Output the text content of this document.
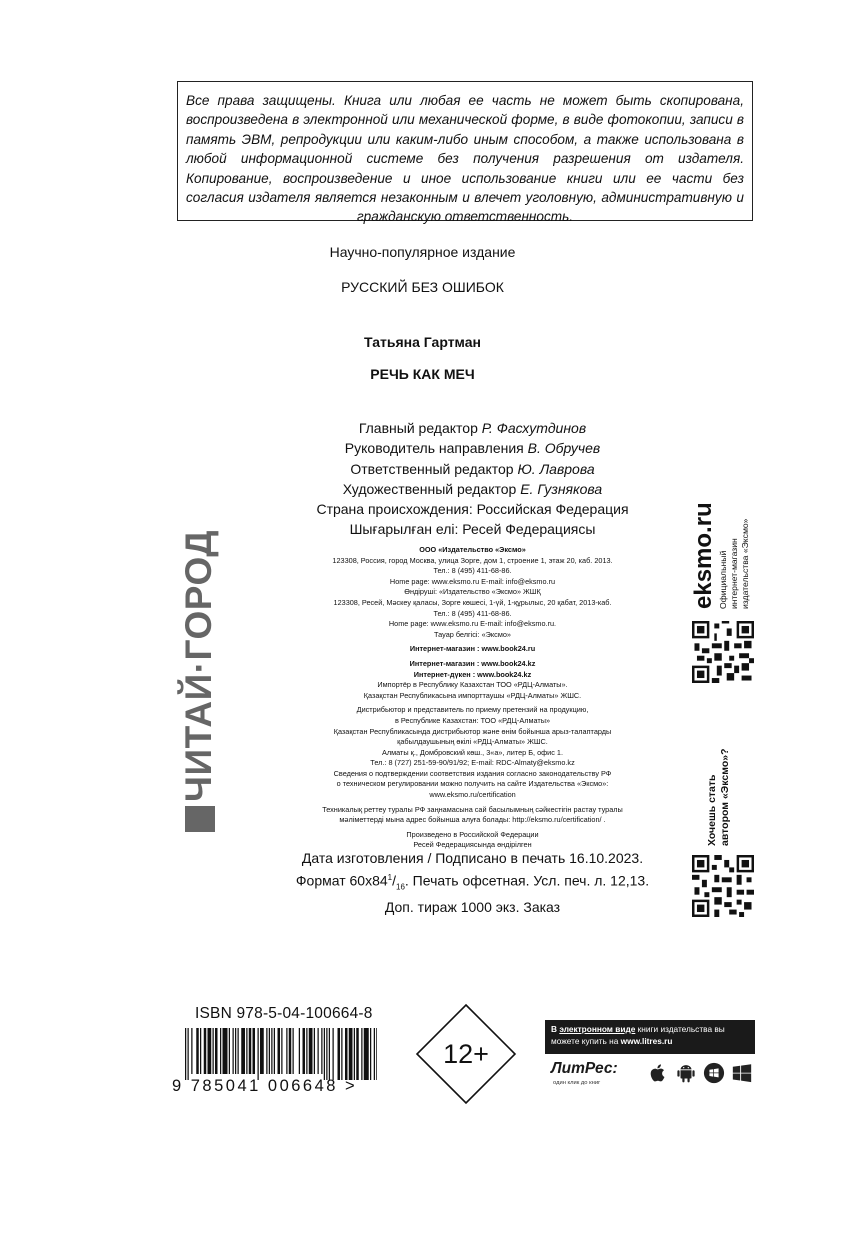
Все права защищены. Книга или любая ее часть не может быть скопирована, воспроизведена в электронной или механической форме, в виде фотокопии, записи в память ЭВМ, репродукции или каким-либо иным способом, а также использована в любой информационной системе без получения разрешения от издателя. Копирование, воспроизведение и иное использование книги или ее части без согласия издателя является незаконным и влечет уголовную, административную и гражданскую ответственность.

Научно-популярное издание
РУССКИЙ БЕЗ ОШИБОК
Татьяна Гартман
РЕЧЬ КАК МЕЧ
Главный редактор Р. Фасхутдинов
Руководитель направления В. Обручев
Ответственный редактор Ю. Лаврова
Художественный редактор Е. Гузнякова
Страна происхождения: Российская Федерация
Шығарылған елі: Ресей Федерациясы
ООО «Издательство «Эксмо»
123308, Россия, город Москва, улица Зорге, дом 1, строение 1, этаж 20, каб. 2013.
Тел.: 8 (495) 411-68-86.
Home page: www.eksmo.ru E-mail: info@eksmo.ru
Өндіруші: «Издательство «Эксмо» ЖШҚ
123308, Ресей, Мәскеу қаласы, Зорге көшесі, 1-үй, 1-құрылыс, 20 қабат, 2013-каб.
Тел.: 8 (495) 411-68-86.
Home page: www.eksmo.ru E-mail: info@eksmo.ru.
Тауар белгісі: «Эксмо»
Интернет-магазин : www.book24.ru
Интернет-магазин : www.book24.kz
Интернет-дүкен : www.book24.kz
Импортёр в Республику Казахстан ТОО «РДЦ-Алматы».
Қазақстан Республикасына импорттаушы «РДЦ-Алматы» ЖШС.
Дистрибьютор и представитель по приему претензий на продукцию,
в Республике Казахстан: ТОО «РДЦ-Алматы»
Қазақстан Республикасында дистрибьютор және өнім бойынша арыз-талаптарды
қабылдаушының өкілі «РДЦ-Алматы» ЖШС.
Алматы қ., Домбровский көш., 3«а», литер Б, офис 1.
Тел.: 8 (727) 251-59-90/91/92; E-mail: RDC-Almaty@eksmo.kz
Сведения о подтверждении соответствия издания согласно законодательству РФ
о техническом регулировании можно получить на сайте Издательства «Эксмо»:
www.eksmo.ru/certification
Техникалық реттеу туралы РФ заңнамасына сай басылымның сәйкестігін растау туралы
мәліметтерді мына адрес бойынша алуға болады: http://eksmo.ru/certification/ .
Произведено в Российской Федерации
Ресей Федерациясында өндірілген
Дата изготовления / Подписано в печать 16.10.2023.
Формат $60x84^1/_{16}$. Печать офсетная. Усл. печ. л. 12,13.
Доп. тираж 1000 экз. Заказ
ЧИТАЙ·ГОРОД	eksmo.ru Официальный интернет-магазин издательства «Эксмо»
Хочешь стать автором «Эксмо»?
ISBN 978-5-04-100664-8
9 785041 006648 >
12+
В электронном виде книги издательства вы можете купить на www.litres.ru
ЛитРес:
один клик до книг
